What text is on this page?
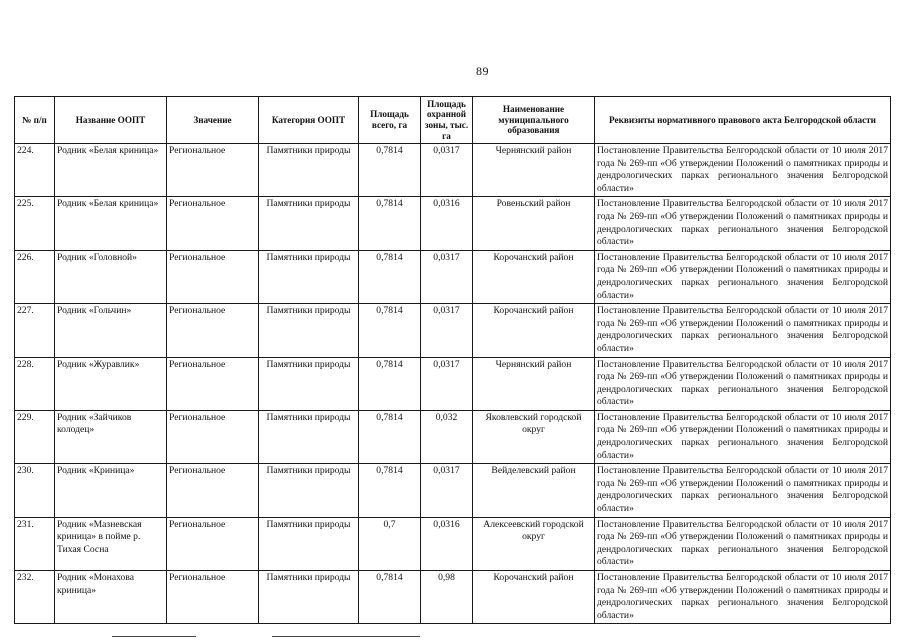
89
№ п/п	Название ООПТ	Значение	Категория ООПТ	Площадь всего, га	Площадь охранной зоны, тыс. га	Наименование муниципального образования	Реквизиты нормативного правового акта Белгородской области
224.	Родник «Белая криница»	Региональное	Памятники природы	0,7814	0,0317	Чернянский район	Постановление Правительства Белгородской области от 10 июля 2017 года № 269-пп «Об утверждении Положений о памятниках природы и дендрологических парках регионального значения Белгородской области»
225.	Родник «Белая криница»	Региональное	Памятники природы	0,7814	0,0316	Ровеньский район	Постановление Правительства Белгородской области от 10 июля 2017 года № 269-пп «Об утверждении Положений о памятниках природы и дендрологических парках регионального значения Белгородской области»
226.	Родник «Головной»	Региональное	Памятники природы	0,7814	0,0317	Корочанский район	Постановление Правительства Белгородской области от 10 июля 2017 года № 269-пп «Об утверждении Положений о памятниках природы и дендрологических парках регионального значения Белгородской области»
227.	Родник «Гольчин»	Региональное	Памятники природы	0,7814	0,0317	Корочанский район	Постановление Правительства Белгородской области от 10 июля 2017 года № 269-пп «Об утверждении Положений о памятниках природы и дендрологических парках регионального значения Белгородской области»
228.	Родник «Журавлик»	Региональное	Памятники природы	0,7814	0,0317	Чернянский район	Постановление Правительства Белгородской области от 10 июля 2017 года № 269-пп «Об утверждении Положений о памятниках природы и дендрологических парках регионального значения Белгородской области»
229.	Родник «Зайчиков колодец»	Региональное	Памятники природы	0,7814	0,032	Яковлевский городской округ	Постановление Правительства Белгородской области от 10 июля 2017 года № 269-пп «Об утверждении Положений о памятниках природы и дендрологических парках регионального значения Белгородской области»
230.	Родник «Криница»	Региональное	Памятники природы	0,7814	0,0317	Вейделевский район	Постановление Правительства Белгородской области от 10 июля 2017 года № 269-пп «Об утверждении Положений о памятниках природы и дендрологических парках регионального значения Белгородской области»
231.	Родник «Мазневская криница» в пойме р. Тихая Сосна	Региональное	Памятники природы	0,7	0,0316	Алексеевский городской округ	Постановление Правительства Белгородской области от 10 июля 2017 года № 269-пп «Об утверждении Положений о памятниках природы и дендрологических парках регионального значения Белгородской области»
232.	Родник «Монахова криница»	Региональное	Памятники природы	0,7814	0,98	Корочанский район	Постановление Правительства Белгородской области от 10 июля 2017 года № 269-пп «Об утверждении Положений о памятниках природы и дендрологических парках регионального значения Белгородской области»
